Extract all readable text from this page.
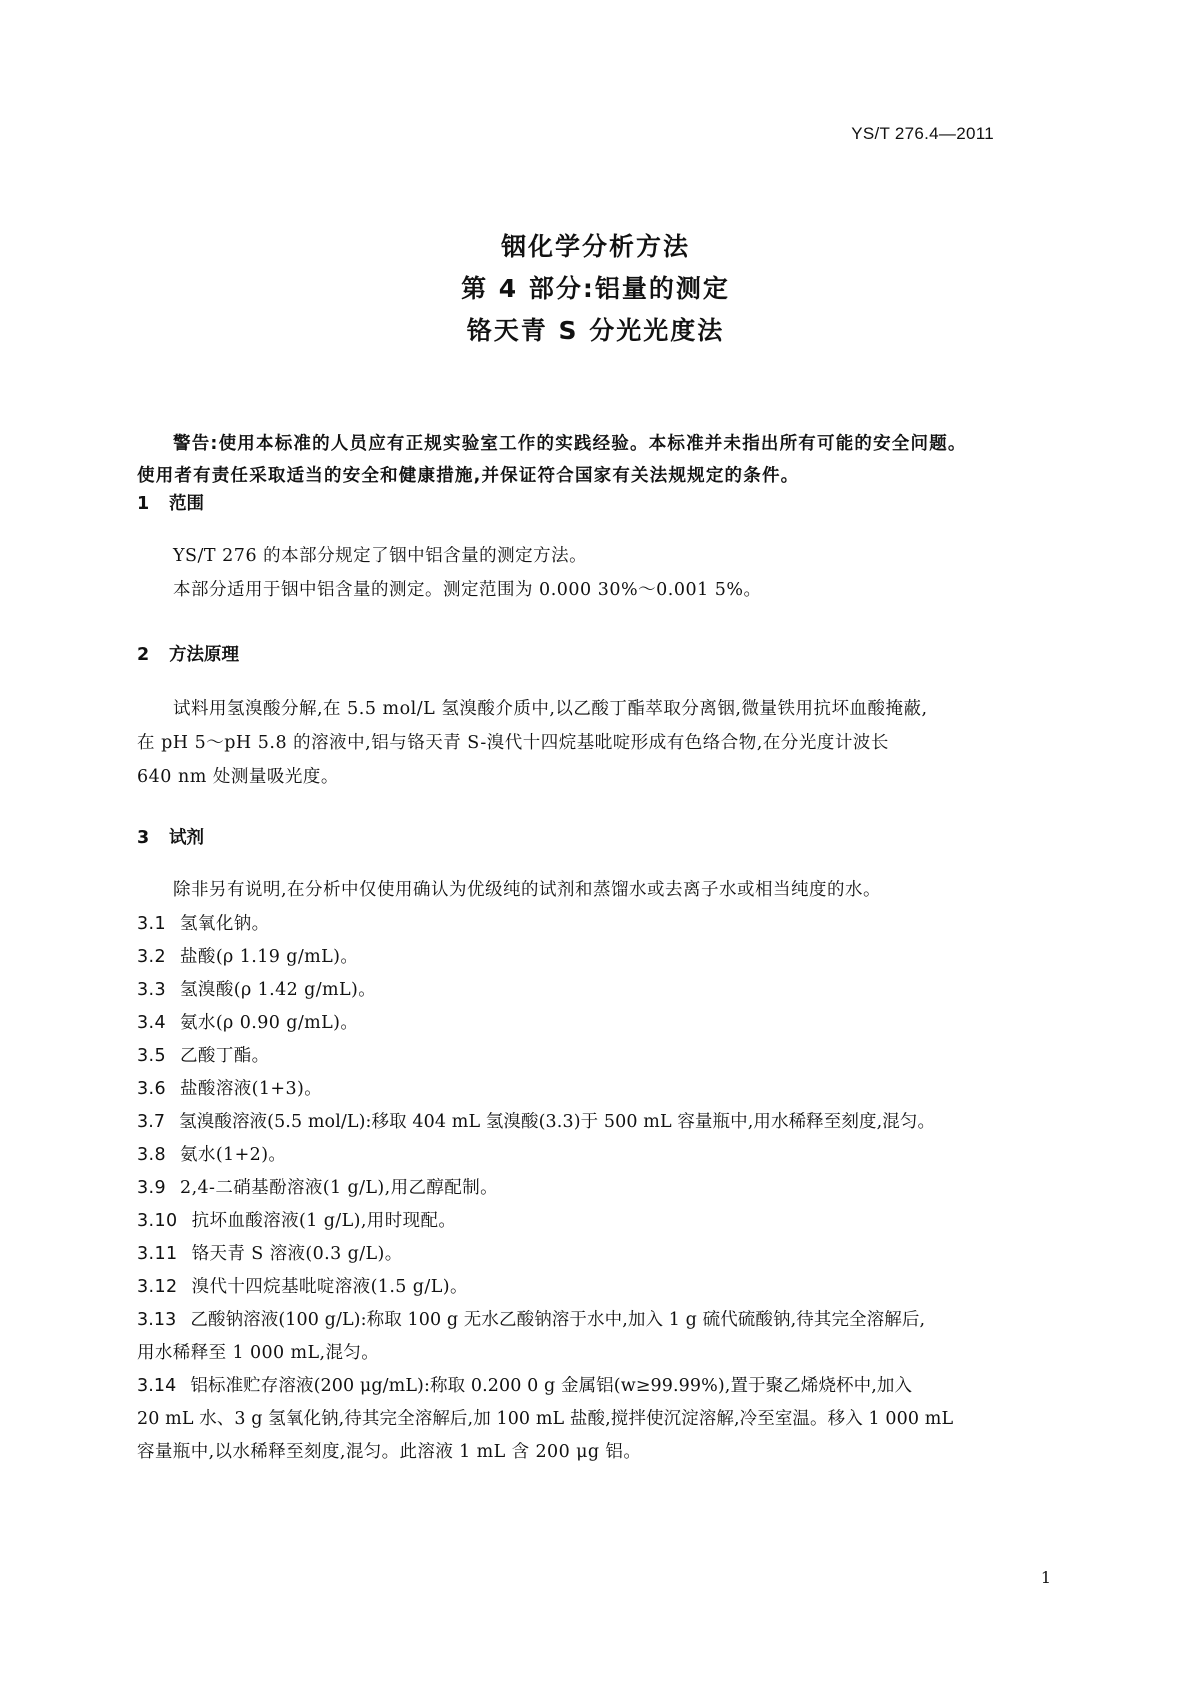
YS/T 276.4—2011
铟化学分析方法
第 4 部分:铝量的测定
铬天青 S 分光光度法
警告:使用本标准的人员应有正规实验室工作的实践经验。本标准并未指出所有可能的安全问题。
使用者有责任采取适当的安全和健康措施,并保证符合国家有关法规规定的条件。
1 范围
YS/T 276 的本部分规定了铟中铝含量的测定方法。
本部分适用于铟中铝含量的测定。测定范围为 0.000 30%～0.001 5%。
2 方法原理
试料用氢溴酸分解,在 5.5 mol/L 氢溴酸介质中,以乙酸丁酯萃取分离铟,微量铁用抗坏血酸掩蔽,
在 pH 5～pH 5.8 的溶液中,铝与铬天青 S-溴代十四烷基吡啶形成有色络合物,在分光度计波长
640 nm 处测量吸光度。
3 试剂
除非另有说明,在分析中仅使用确认为优级纯的试剂和蒸馏水或去离子水或相当纯度的水。
3.1 氢氧化钠。
3.2 盐酸(ρ 1.19 g/mL)。
3.3 氢溴酸(ρ 1.42 g/mL)。
3.4 氨水(ρ 0.90 g/mL)。
3.5 乙酸丁酯。
3.6 盐酸溶液(1+3)。
3.7 氢溴酸溶液(5.5 mol/L):移取 404 mL 氢溴酸(3.3)于 500 mL 容量瓶中,用水稀释至刻度,混匀。
3.8 氨水(1+2)。
3.9 2,4-二硝基酚溶液(1 g/L),用乙醇配制。
3.10 抗坏血酸溶液(1 g/L),用时现配。
3.11 铬天青 S 溶液(0.3 g/L)。
3.12 溴代十四烷基吡啶溶液(1.5 g/L)。
3.13 乙酸钠溶液(100 g/L):称取 100 g 无水乙酸钠溶于水中,加入 1 g 硫代硫酸钠,待其完全溶解后,
用水稀释至 1 000 mL,混匀。
3.14 铝标准贮存溶液(200 μg/mL):称取 0.200 0 g 金属铝(w≥99.99%),置于聚乙烯烧杯中,加入
20 mL 水、3 g 氢氧化钠,待其完全溶解后,加 100 mL 盐酸,搅拌使沉淀溶解,冷至室温。移入 1 000 mL
容量瓶中,以水稀释至刻度,混匀。此溶液 1 mL 含 200 μg 铝。
1
